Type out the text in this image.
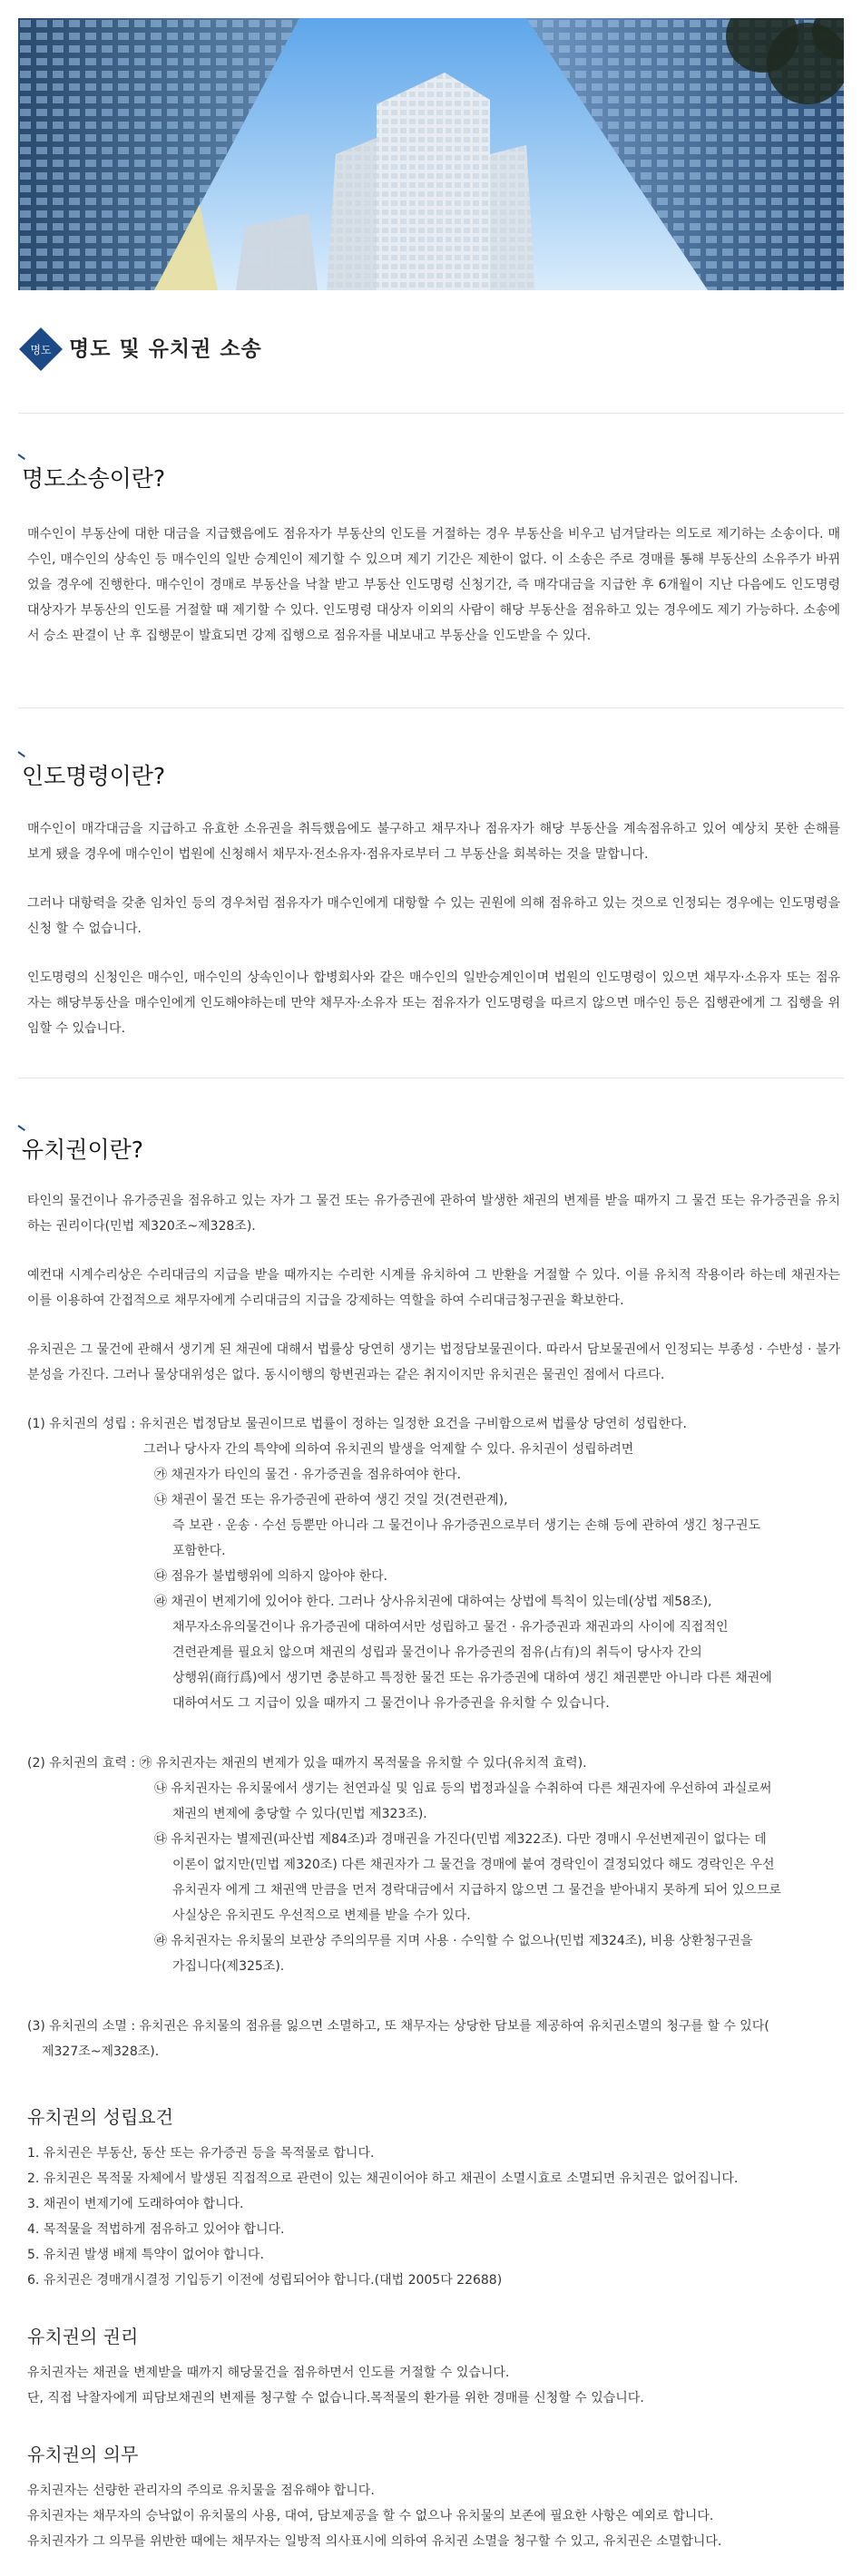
명도 명도 및 유치권 소송
명도소송이란?
매수인이 부동산에 대한 대금을 지급했음에도 점유자가 부동산의 인도를 거절하는 경우 부동산을 비우고 넘겨달라는 의도로 제기하는 소송이다. 매수인, 매수인의 상속인 등 매수인의 일반 승계인이 제기할 수 있으며 제기 기간은 제한이 없다. 이 소송은 주로 경매를 통해 부동산의 소유주가 바뀌었을 경우에 진행한다. 매수인이 경매로 부동산을 낙찰 받고 부동산 인도명령 신청기간, 즉 매각대금을 지급한 후 6개월이 지난 다음에도 인도명령 대상자가 부동산의 인도를 거절할 때 제기할 수 있다. 인도명령 대상자 이외의 사람이 해당 부동산을 점유하고 있는 경우에도 제기 가능하다. 소송에서 승소 판결이 난 후 집행문이 발효되면 강제 집행으로 점유자를 내보내고 부동산을 인도받을 수 있다.
인도명령이란?
매수인이 매각대금을 지급하고 유효한 소유권을 취득했음에도 불구하고 채무자나 점유자가 해당 부동산을 계속점유하고 있어 예상치 못한 손해를 보게 됐을 경우에 매수인이 법원에 신청해서 채무자·전소유자·점유자로부터 그 부동산을 회복하는 것을 말합니다.
그러나 대항력을 갖춘 임차인 등의 경우처럼 점유자가 매수인에게 대항할 수 있는 권원에 의해 점유하고 있는 것으로 인정되는 경우에는 인도명령을 신청 할 수 없습니다.
인도명령의 신청인은 매수인, 매수인의 상속인이나 합병회사와 같은 매수인의 일반승계인이며 법원의 인도명령이 있으면 채무자·소유자 또는 점유자는 해당부동산을 매수인에게 인도해야하는데 만약 채무자·소유자 또는 점유자가 인도명령을 따르지 않으면 매수인 등은 집행관에게 그 집행을 위임할 수 있습니다.
유치권이란?
타인의 물건이나 유가증권을 점유하고 있는 자가 그 물건 또는 유가증권에 관하여 발생한 채권의 변제를 받을 때까지 그 물건 또는 유가증권을 유치하는 권리이다(민법 제320조~제328조).
예컨대 시계수리상은 수리대금의 지급을 받을 때까지는 수리한 시계를 유치하여 그 반환을 거절할 수 있다. 이를 유치적 작용이라 하는데 채권자는 이를 이용하여 간접적으로 채무자에게 수리대금의 지급을 강제하는 역할을 하여 수리대금청구권을 확보한다.
유치권은 그 물건에 관해서 생기게 된 채권에 대해서 법률상 당연히 생기는 법정담보물권이다. 따라서 담보물권에서 인정되는 부종성 · 수반성 · 불가분성을 가진다. 그러나 물상대위성은 없다. 동시이행의 항변권과는 같은 취지이지만 유치권은 물권인 점에서 다르다.
(1) 유치권의 성립 : 유치권은 법정담보 물권이므로 법률이 정하는 일정한 요건을 구비함으로써 법률상 당연히 성립한다.
그러나 당사자 간의 특약에 의하여 유치권의 발생을 억제할 수 있다. 유치권이 성립하려면
㉮ 채권자가 타인의 물건 · 유가증권을 점유하여야 한다.
㉯ 채권이 물건 또는 유가증권에 관하여 생긴 것일 것(견련관계),
즉 보관 · 운송 · 수선 등뿐만 아니라 그 물건이나 유가증권으로부터 생기는 손해 등에 관하여 생긴 청구권도
포함한다.
㉰ 점유가 불법행위에 의하지 않아야 한다.
㉱ 채권이 변제기에 있어야 한다. 그러나 상사유치권에 대하여는 상법에 특칙이 있는데(상법 제58조),
채무자소유의물건이나 유가증권에 대하여서만 성립하고 물건 · 유가증권과 채권과의 사이에 직접적인
견련관계를 필요치 않으며 채권의 성립과 물건이나 유가증권의 점유(占有)의 취득이 당사자 간의
상행위(商行爲)에서 생기면 충분하고 특정한 물건 또는 유가증권에 대하여 생긴 채권뿐만 아니라 다른 채권에
대하여서도 그 지급이 있을 때까지 그 물건이나 유가증권을 유치할 수 있습니다.
(2) 유치권의 효력 : ㉮ 유치권자는 채권의 변제가 있을 때까지 목적물을 유치할 수 있다(유치적 효력).
㉯ 유치권자는 유치물에서 생기는 천연과실 및 임료 등의 법정과실을 수취하여 다른 채권자에 우선하여 과실로써
채권의 변제에 충당할 수 있다(민법 제323조).
㉰ 유치권자는 별제권(파산법 제84조)과 경매권을 가진다(민법 제322조). 다만 경매시 우선변제권이 없다는 데
이론이 없지만(민법 제320조) 다른 채권자가 그 물건을 경매에 붙여 경락인이 결정되었다 해도 경락인은 우선
유치권자 에게 그 채권액 만큼을 먼저 경락대금에서 지급하지 않으면 그 물건을 받아내지 못하게 되어 있으므로
사실상은 유치권도 우선적으로 변제를 받을 수가 있다.
㉱ 유치권자는 유치물의 보관상 주의의무를 지며 사용 · 수익할 수 없으나(민법 제324조), 비용 상환청구권을
가집니다(제325조).
(3) 유치권의 소멸 : 유치권은 유치물의 점유를 잃으면 소멸하고, 또 채무자는 상당한 담보를 제공하여 유치권소멸의 청구를 할 수 있다(
제327조~제328조).
유치권의 성립요건
1. 유치권은 부동산, 동산 또는 유가증권 등을 목적물로 합니다.
2. 유치권은 목적물 자체에서 발생된 직접적으로 관련이 있는 채권이어야 하고 채권이 소멸시효로 소멸되면 유치권은 없어집니다.
3. 채권이 변제기에 도래하여야 합니다.
4. 목적물을 적법하게 점유하고 있어야 합니다.
5. 유치권 발생 배제 특약이 없어야 합니다.
6. 유치권은 경매개시결정 기입등기 이전에 성립되어야 합니다.(대법 2005다 22688)
유치권의 권리
유치권자는 채권을 변제받을 때까지 해당물건을 점유하면서 인도를 거절할 수 있습니다.
단, 직접 낙찰자에게 피담보채권의 변제를 청구할 수 없습니다.목적물의 환가를 위한 경매를 신청할 수 있습니다.
유치권의 의무
유치권자는 선량한 관리자의 주의로 유치물을 점유해야 합니다.
유치권자는 채무자의 승낙없이 유치물의 사용, 대여, 담보제공을 할 수 없으나 유치물의 보존에 필요한 사항은 예외로 합니다.
유치권자가 그 의무를 위반한 때에는 채무자는 일방적 의사표시에 의하여 유치권 소멸을 청구할 수 있고, 유치권은 소멸합니다.
